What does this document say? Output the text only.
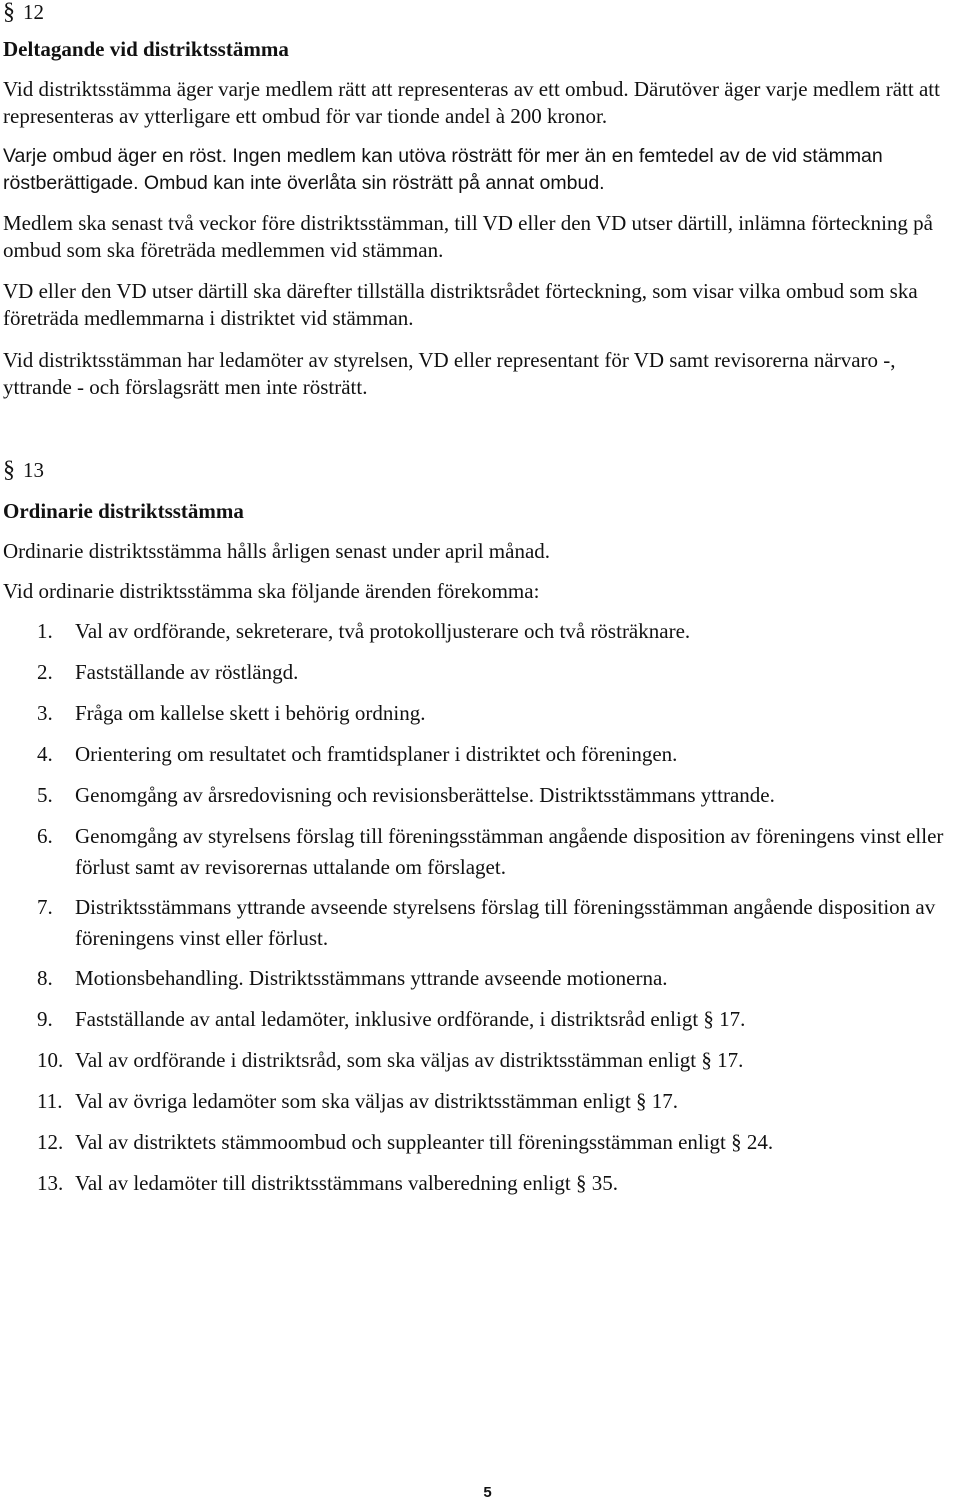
§ 12
Deltagande vid distriktsstämma

Vid distriktsstämma äger varje medlem rätt att representeras av ett ombud. Därutöver äger varje medlem rätt att representeras av ytterligare ett ombud för var tionde andel à 200 kronor.

Varje ombud äger en röst. Ingen medlem kan utöva rösträtt för mer än en femtedel av de vid stämman röstberättigade. Ombud kan inte överlåta sin rösträtt på annat ombud.

Medlem ska senast två veckor före distriktsstämman, till VD eller den VD utser därtill, inlämna förteckning på ombud som ska företräda medlemmen vid stämman.

VD eller den VD utser därtill ska därefter tillställa distriktsrådet förteckning, som visar vilka ombud som ska företräda medlemmarna i distriktet vid stämman.

Vid distriktsstämman har ledamöter av styrelsen, VD eller representant för VD samt revisorerna närvaro -, yttrande - och förslagsrätt men inte rösträtt.

§ 13
Ordinarie distriktsstämma

Ordinarie distriktsstämma hålls årligen senast under april månad.

Vid ordinarie distriktsstämma ska följande ärenden förekomma:

1.	Val av ordförande, sekreterare, två protokolljusterare och två rösträknare.
2.	Fastställande av röstlängd.
3.	Fråga om kallelse skett i behörig ordning.
4.	Orientering om resultatet och framtidsplaner i distriktet och föreningen.
5.	Genomgång av årsredovisning och revisionsberättelse. Distriktsstämmans yttrande.
6.	Genomgång av styrelsens förslag till föreningsstämman angående disposition av föreningens vinst eller förlust samt av revisorernas uttalande om förslaget.
7.	Distriktsstämmans yttrande avseende styrelsens förslag till föreningsstämman angående disposition av föreningens vinst eller förlust.
8.	Motionsbehandling. Distriktsstämmans yttrande avseende motionerna.
9.	Fastställande av antal ledamöter, inklusive ordförande, i distriktsråd enligt § 17.
10. Val av ordförande i distriktsråd, som ska väljas av distriktsstämman enligt § 17.
11. Val av övriga ledamöter som ska väljas av distriktsstämman enligt § 17.
12. Val av distriktets stämmoombud och suppleanter till föreningsstämman enligt § 24.
13. Val av ledamöter till distriktsstämmans valberedning enligt § 35.
5
